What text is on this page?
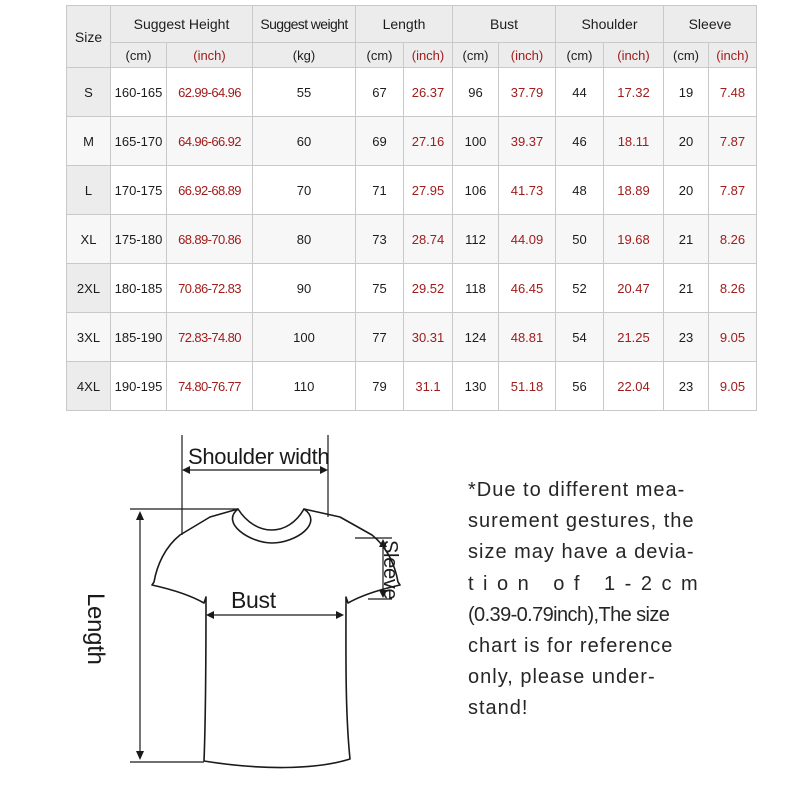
Size	Suggest Height		Suggest weight	Length		Bust		Shoulder		Sleeve	
	(cm)	(inch)	(kg)	(cm)	(inch)	(cm)	(inch)	(cm)	(inch)	(cm)	(inch)
S	160-165	62.99-64.96	55	67	26.37	96	37.79	44	17.32	19	7.48
M	165-170	64.96-66.92	60	69	27.16	100	39.37	46	18.11	20	7.87
L	170-175	66.92-68.89	70	71	27.95	106	41.73	48	18.89	20	7.87
XL	175-180	68.89-70.86	80	73	28.74	112	44.09	50	19.68	21	8.26
2XL	180-185	70.86-72.83	90	75	29.52	118	46.45	52	20.47	21	8.26
3XL	185-190	72.83-74.80	100	77	30.31	124	48.81	54	21.25	23	9.05
4XL	190-195	74.80-76.77	110	79	31.1	130	51.18	56	22.04	23	9.05
Shoulder width
Bust
Length
Sleeve
*Due to different mea-
surement gestures, the
size may have a devia-
tion of 1-2cm
(0.39-0.79inch),The size
chart is for reference
only, please under-
stand!
